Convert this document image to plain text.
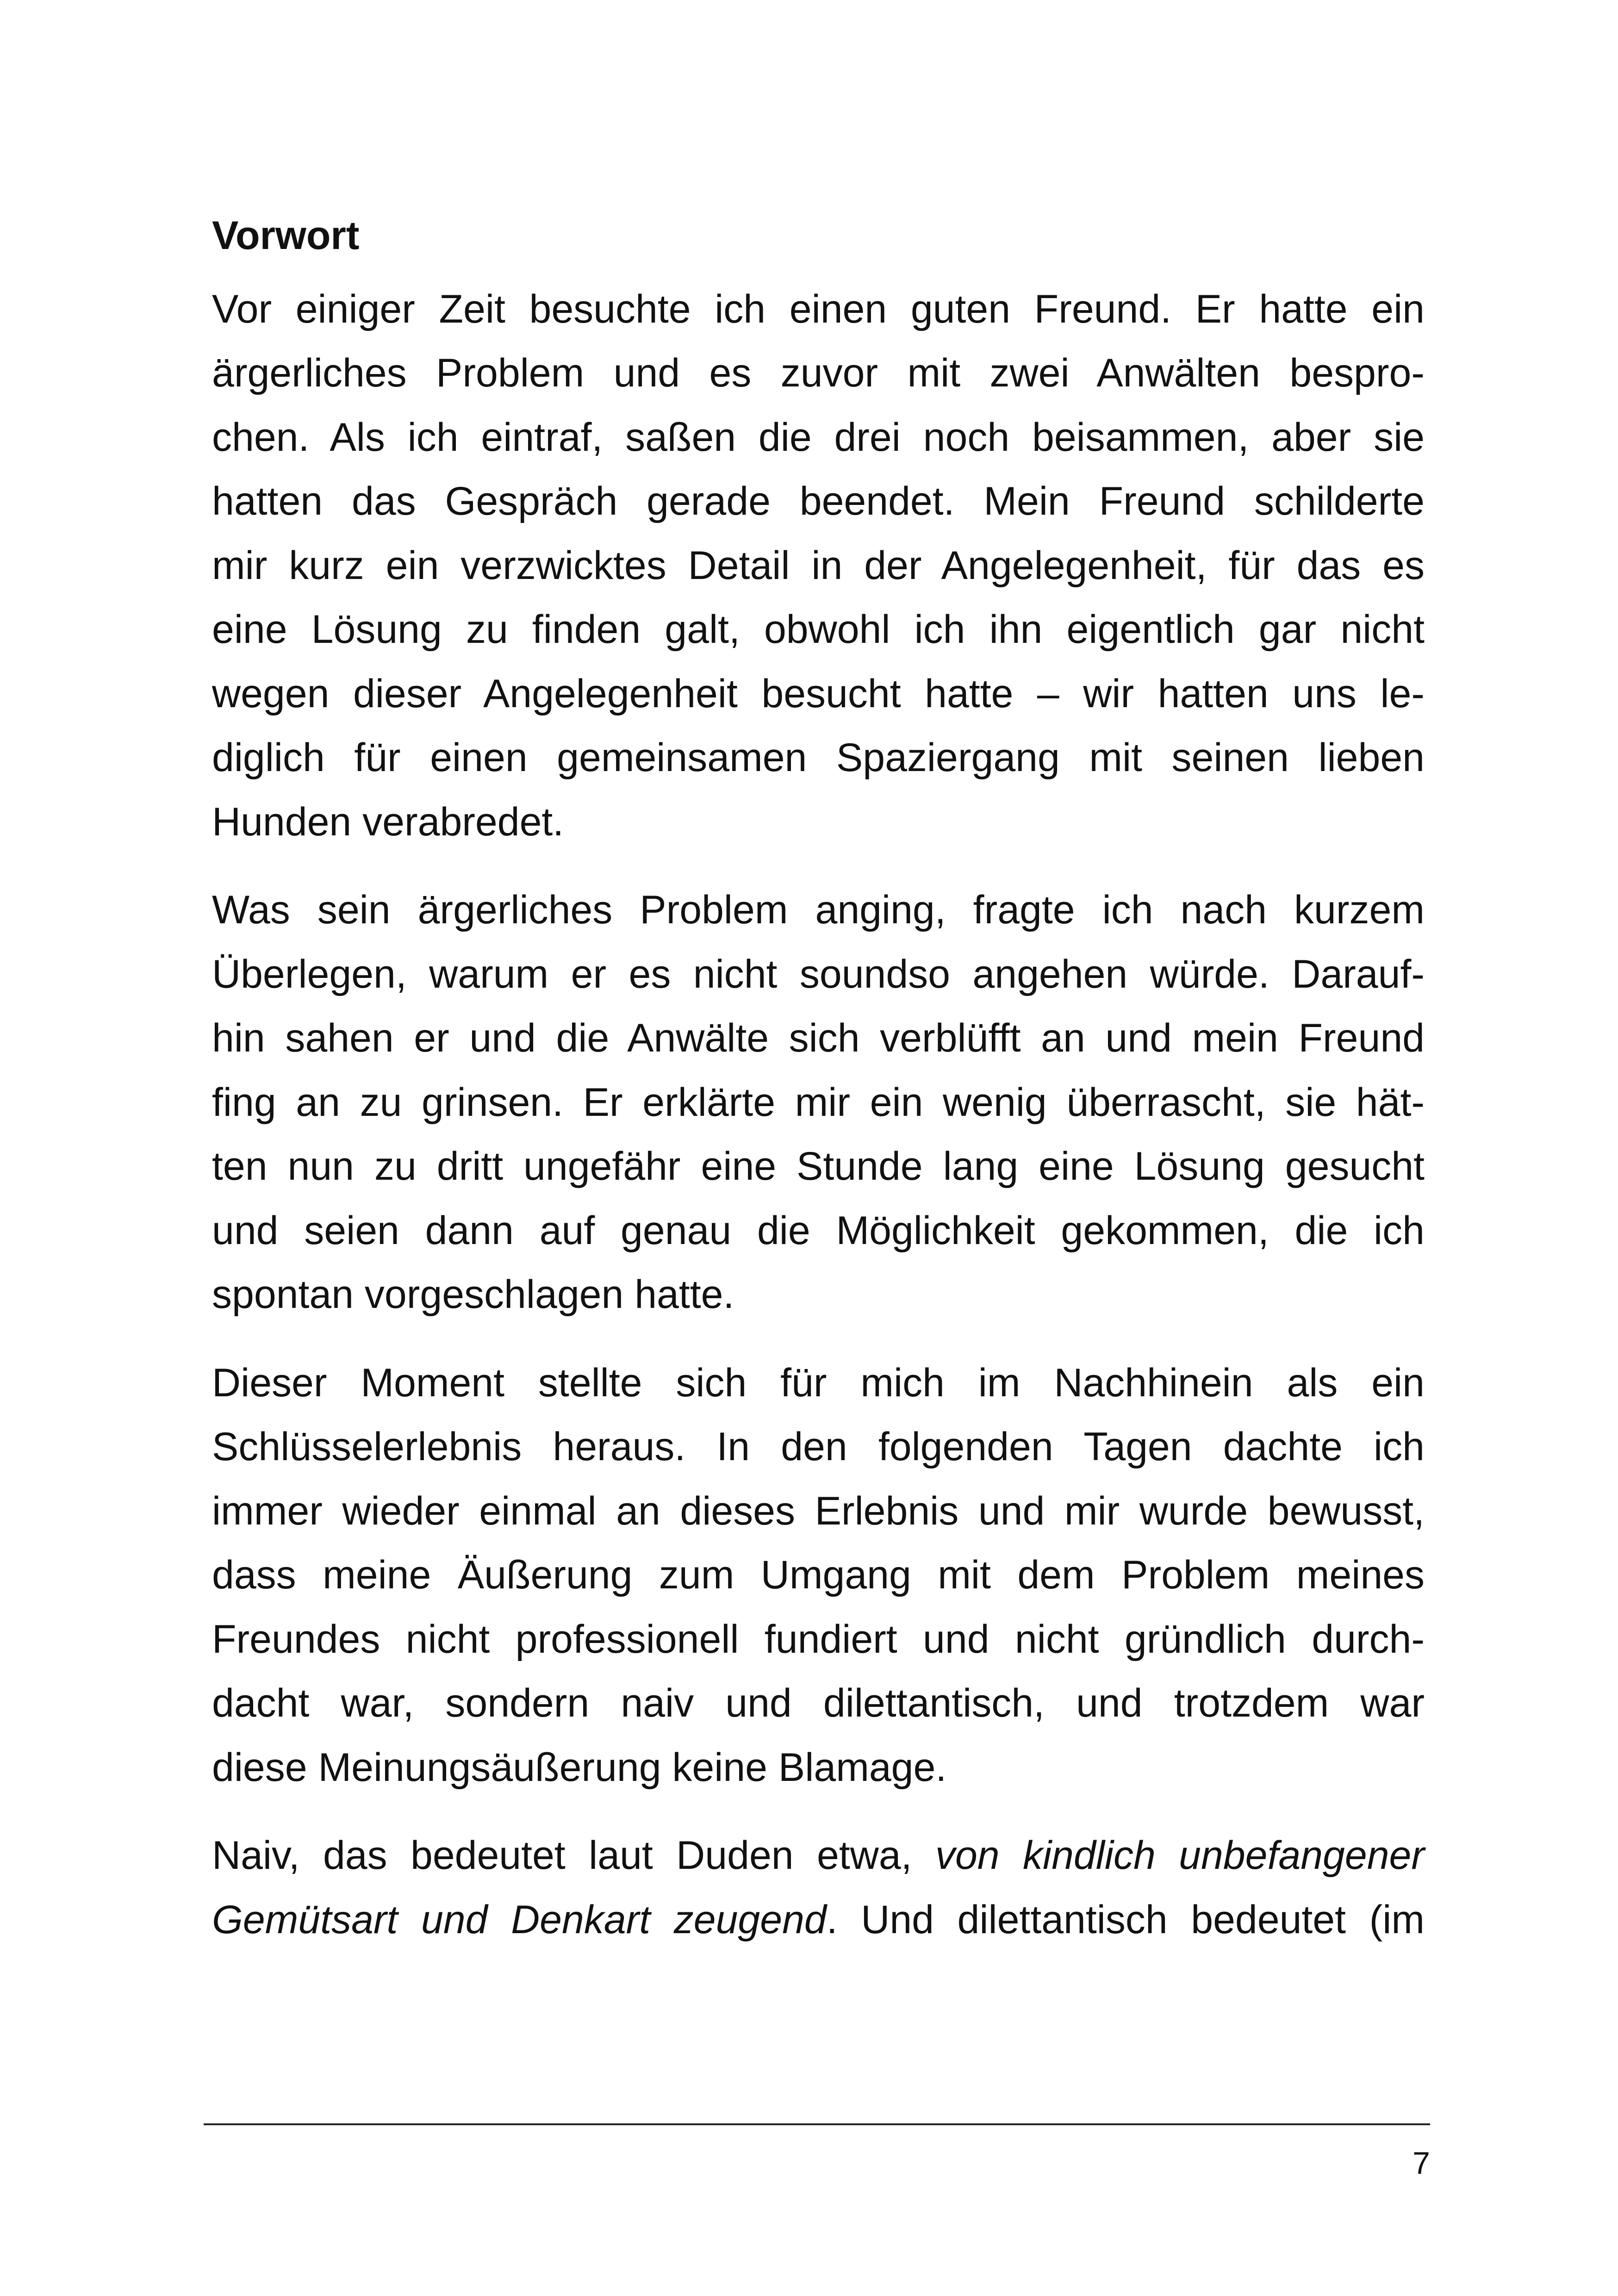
Vorwort
Vor einiger Zeit besuchte ich einen guten Freund. Er hatte ein
ärgerliches Problem und es zuvor mit zwei Anwälten bespro-
chen. Als ich eintraf, saßen die drei noch beisammen, aber sie
hatten das Gespräch gerade beendet. Mein Freund schilderte
mir kurz ein verzwicktes Detail in der Angelegenheit, für das es
eine Lösung zu finden galt, obwohl ich ihn eigentlich gar nicht
wegen dieser Angelegenheit besucht hatte – wir hatten uns le-
diglich für einen gemeinsamen Spaziergang mit seinen lieben
Hunden verabredet.
Was sein ärgerliches Problem anging, fragte ich nach kurzem
Überlegen, warum er es nicht soundso angehen würde. Darauf-
hin sahen er und die Anwälte sich verblüfft an und mein Freund
fing an zu grinsen. Er erklärte mir ein wenig überrascht, sie hät-
ten nun zu dritt ungefähr eine Stunde lang eine Lösung gesucht
und seien dann auf genau die Möglichkeit gekommen, die ich
spontan vorgeschlagen hatte.
Dieser Moment stellte sich für mich im Nachhinein als ein
Schlüsselerlebnis heraus. In den folgenden Tagen dachte ich
immer wieder einmal an dieses Erlebnis und mir wurde bewusst,
dass meine Äußerung zum Umgang mit dem Problem meines
Freundes nicht professionell fundiert und nicht gründlich durch-
dacht war, sondern naiv und dilettantisch, und trotzdem war
diese Meinungsäußerung keine Blamage.
Naiv, das bedeutet laut Duden etwa, von kindlich unbefangener
Gemütsart und Denkart zeugend. Und dilettantisch bedeutet (im
7
